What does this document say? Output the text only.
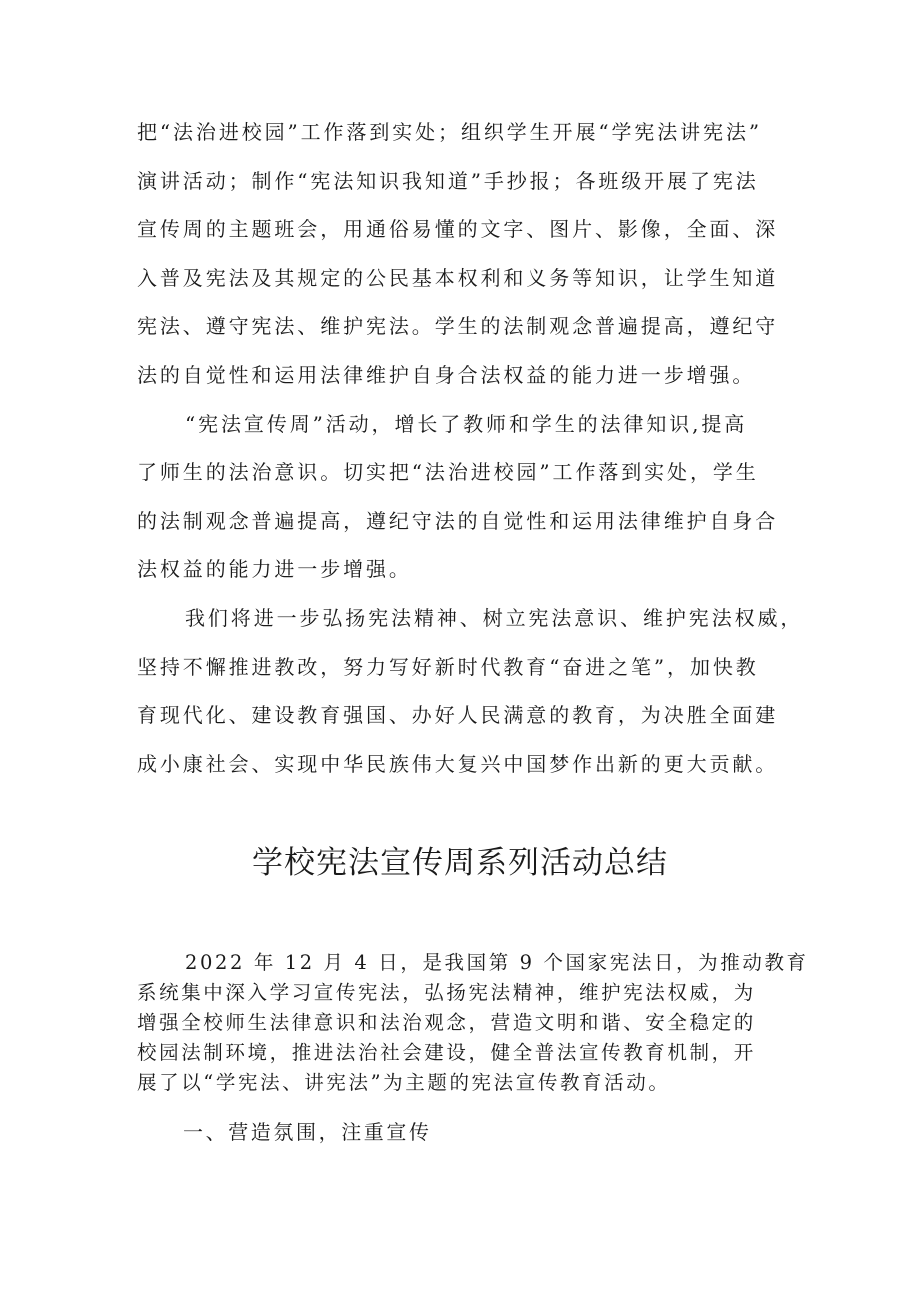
把“法治进校园”工作落到实处；组织学生开展“学宪法讲宪法”
演讲活动；制作“宪法知识我知道”手抄报；各班级开展了宪法
宣传周的主题班会，用通俗易懂的文字、图片、影像，全面、深
入普及宪法及其规定的公民基本权利和义务等知识，让学生知道
宪法、遵守宪法、维护宪法。学生的法制观念普遍提高，遵纪守
法的自觉性和运用法律维护自身合法权益的能力进一步增强。
“宪法宣传周”活动，增长了教师和学生的法律知识,提高
了师生的法治意识。切实把“法治进校园”工作落到实处，学生
的法制观念普遍提高，遵纪守法的自觉性和运用法律维护自身合
法权益的能力进一步增强。
我们将进一步弘扬宪法精神、树立宪法意识、维护宪法权威，
坚持不懈推进教改，努力写好新时代教育“奋进之笔”，加快教
育现代化、建设教育强国、办好人民满意的教育，为决胜全面建
成小康社会、实现中华民族伟大复兴中国梦作出新的更大贡献。
学校宪法宣传周系列活动总结
2022 年 12 月 4 日，是我国第 9 个国家宪法日，为推动教育
系统集中深入学习宣传宪法，弘扬宪法精神，维护宪法权威，为
增强全校师生法律意识和法治观念，营造文明和谐、安全稳定的
校园法制环境，推进法治社会建设，健全普法宣传教育机制，开
展了以“学宪法、讲宪法”为主题的宪法宣传教育活动。
一、营造氛围，注重宣传
